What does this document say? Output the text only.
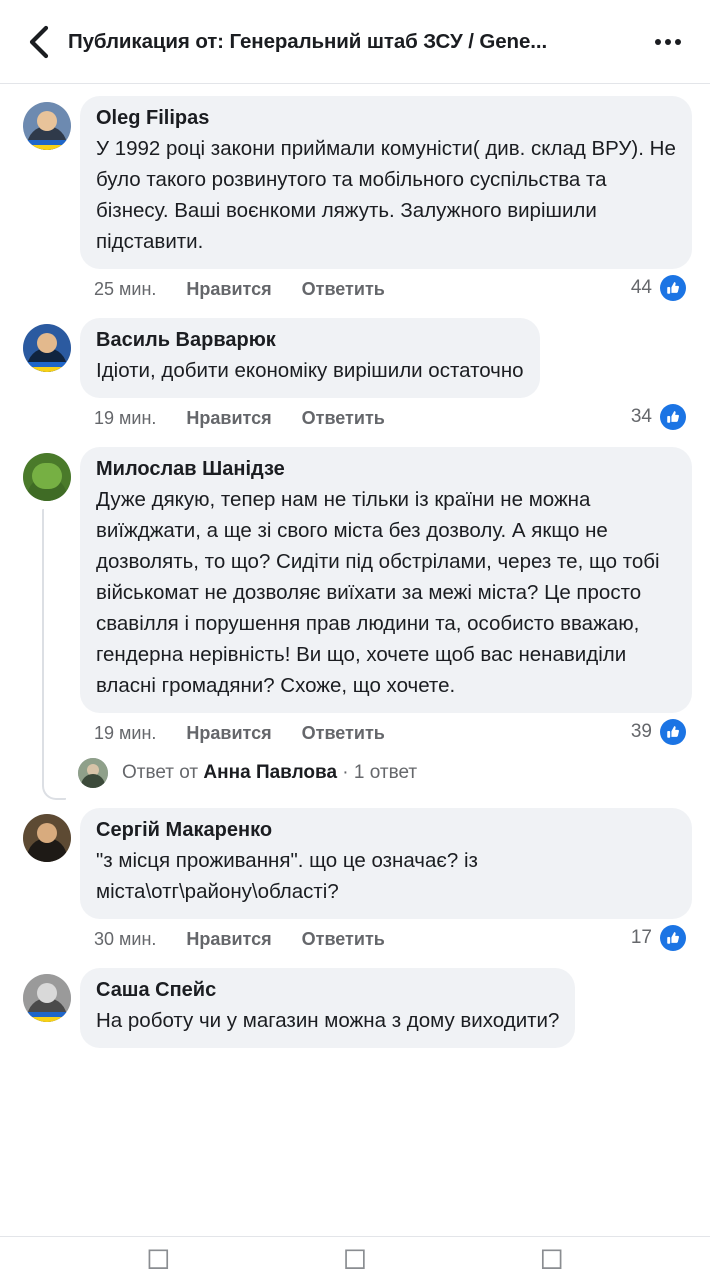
Публикация от: Генеральний штаб ЗСУ / Gene...
Oleg Filipas
У 1992 році закони приймали комуністи( див. склад ВРУ). Не було такого розвинутого та мобільного суспільства та бізнесу. Ваші воєнкоми ляжуть. Залужного вирішили підставити.
25 мин. Нравится Ответить	44
Василь Варварюк
Ідіоти, добити економіку вирішили остаточно
19 мин. Нравится Ответить	34
Милослав Шанідзе
Дуже дякую, тепер нам не тільки із країни не можна виїжджати, а ще зі свого міста без дозволу. А якщо не дозволять, то що? Сидіти під обстрілами, через те, що тобі військомат не дозволяє виїхати за межі міста? Це просто свавілля і порушення прав людини та, особисто вважаю, гендерна нерівність! Ви що, хочете щоб вас ненавиділи власні громадяни? Схоже, що хочете.
19 мин. Нравится Ответить	39
Ответ от Анна Павлова · 1 ответ
Сергій Макаренко
"з місця проживання". що це означає? із міста\отг\району\області?
30 мин. Нравится Ответить	17
Саша Спейс
На роботу чи у магазин можна з дому виходити?
◻	◻	◻
